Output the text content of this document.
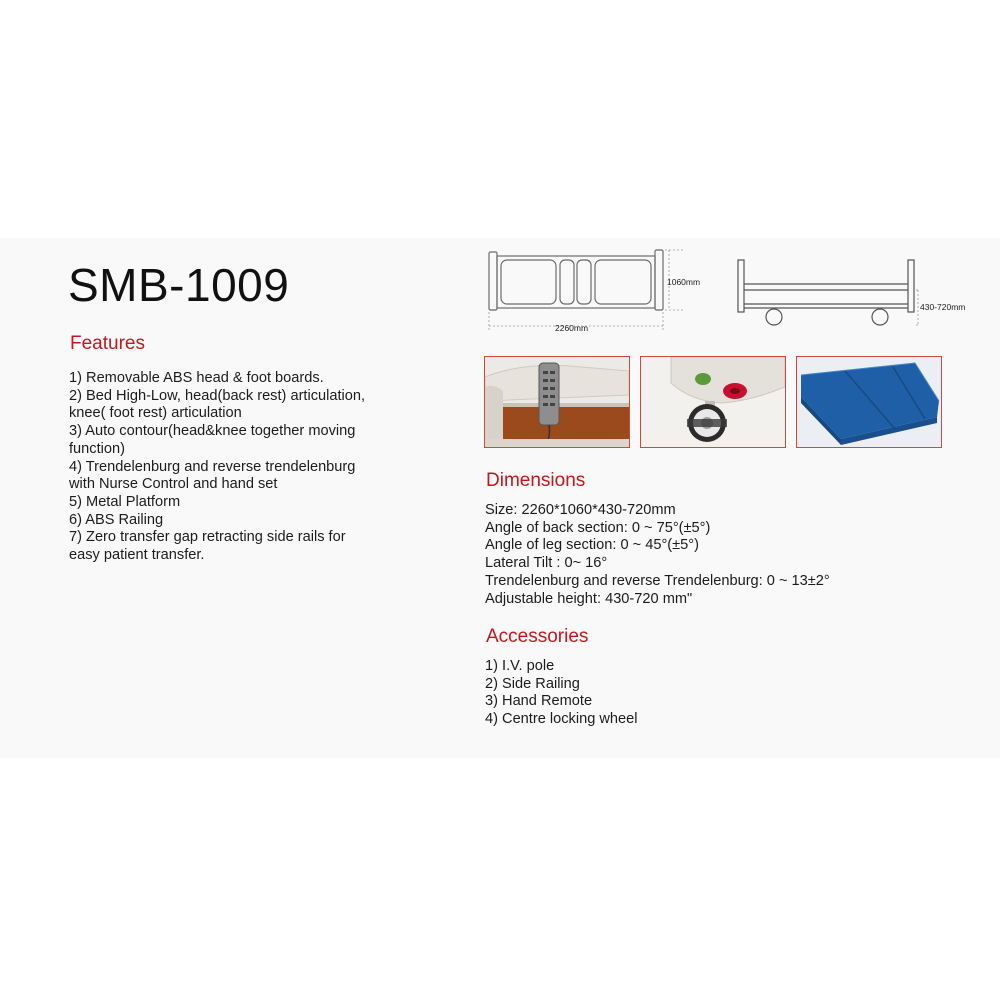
SMB-1009
Features
1) Removable ABS head & foot boards.
2) Bed High-Low, head(back rest) articulation,
knee( foot rest) articulation
3) Auto contour(head&knee together moving
function)
4) Trendelenburg and reverse trendelenburg
with Nurse Control and hand set
5) Metal Platform
6) ABS Railing
7) Zero transfer gap retracting side rails for
easy patient transfer.
2260mm
1060mm
430-720mm
Dimensions
Size: 2260*1060*430-720mm
Angle of back section: 0 ~ 75°(±5°)
Angle of leg section: 0 ~ 45°(±5°)
Lateral Tilt : 0~ 16°
Trendelenburg and reverse Trendelenburg: 0 ~ 13±2°
Adjustable height: 430-720 mm"
Accessories
1) I.V. pole
2) Side Railing
3) Hand Remote
4) Centre locking wheel
